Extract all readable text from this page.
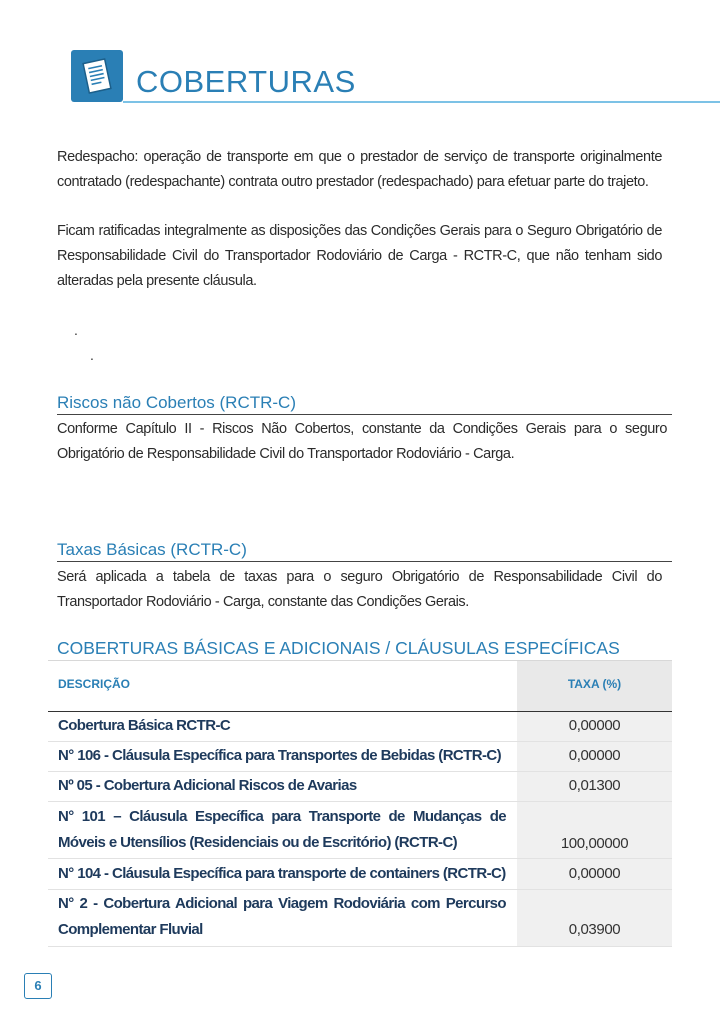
COBERTURAS

Redespacho: operação de transporte em que o prestador de serviço de transporte originalmente contratado (redespachante) contrata outro prestador (redespachado) para efetuar parte do trajeto.

Ficam ratificadas integralmente as disposições das Condições Gerais para o Seguro Obrigatório de Responsabilidade Civil do Transportador Rodoviário de Carga - RCTR-C, que não tenham sido alteradas pela presente cláusula.

.
.
Riscos não Cobertos (RCTR-C)

Conforme Capítulo II - Riscos Não Cobertos, constante da Condições Gerais para o seguro Obrigatório de Responsabilidade Civil do Transportador Rodoviário - Carga.

Taxas Básicas (RCTR-C)

Será aplicada a tabela de taxas para o seguro Obrigatório de Responsabilidade Civil do Transportador Rodoviário - Carga, constante das Condições Gerais.

COBERTURAS BÁSICAS E ADICIONAIS / CLÁUSULAS ESPECÍFICAS
DESCRIÇÃO	TAXA (%)
Cobertura Básica RCTR-C	0,00000
N° 106 - Cláusula Específica para Transportes de Bebidas (RCTR-C)	0,00000
Nº 05 - Cobertura Adicional Riscos de Avarias	0,01300
N° 101 – Cláusula Específica para Transporte de Mudanças de Móveis e Utensílios (Residenciais ou de Escritório) (RCTR-C)	100,00000
N° 104 - Cláusula Específica para transporte de containers (RCTR-C)	0,00000
N° 2 - Cobertura Adicional para Viagem Rodoviária com Percurso Complementar Fluvial	0,03900
6
